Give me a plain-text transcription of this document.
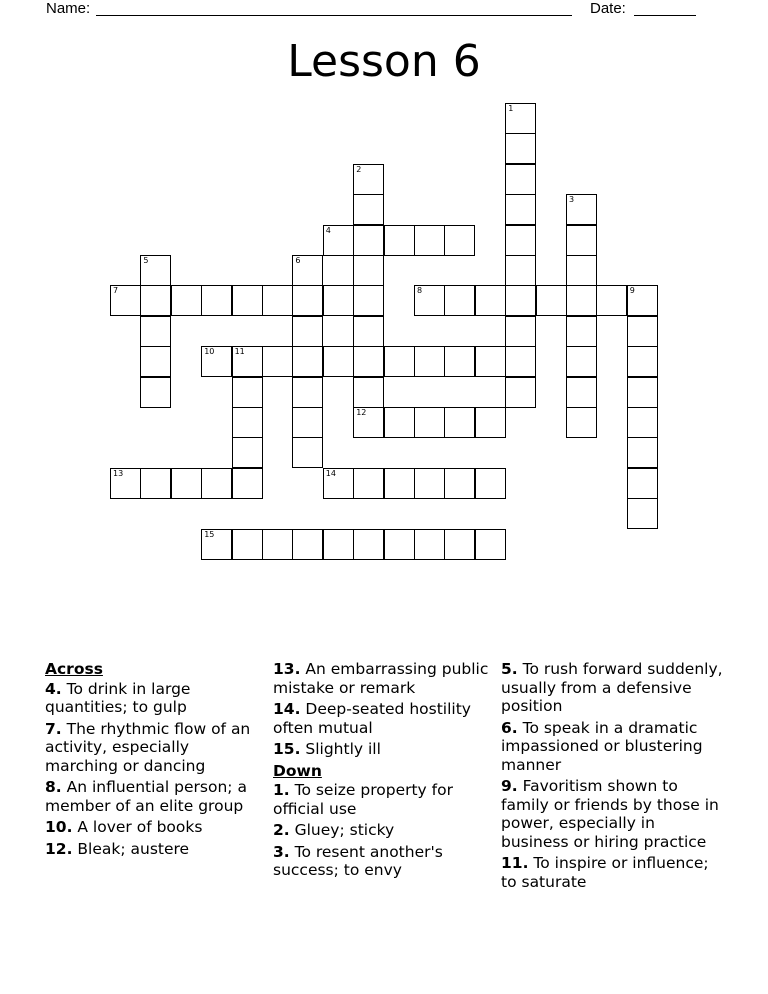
Name:	Date:
Lesson 6
1
2
12
3
4
5	6
7	8	9
10	11
13	14
15
Across
4. To drink in large quantities; to gulp
7. The rhythmic flow of an activity, especially marching or dancing
8. An influential person; a member of an elite group
10. A lover of books
12. Bleak; austere
13. An embarrassing public mistake or remark
14. Deep-seated hostility often mutual
15. Slightly ill
Down
1. To seize property for official use
2. Gluey; sticky
3. To resent another's success; to envy
5. To rush forward suddenly, usually from a defensive position
6. To speak in a dramatic impassioned or blustering manner
9. Favoritism shown to family or friends by those in power, especially in business or hiring practice
11. To inspire or influence; to saturate
